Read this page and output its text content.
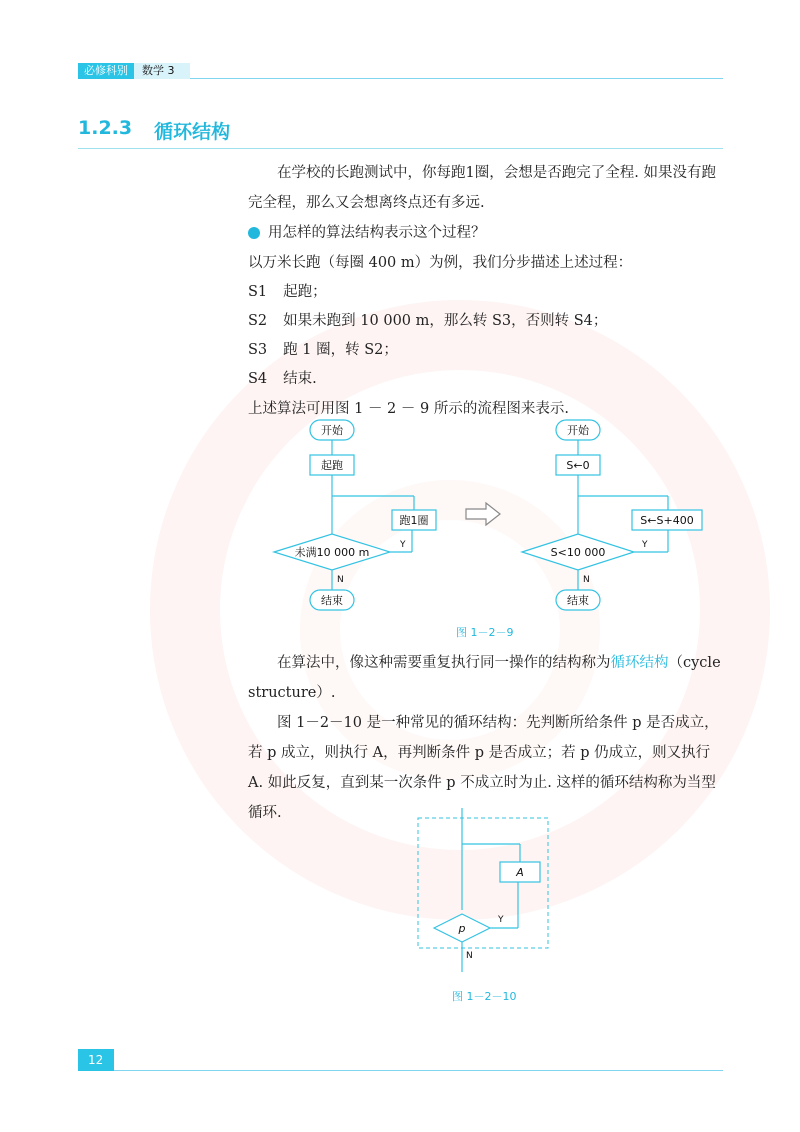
必修科别	数学 3
1.2.3 循环结构

在学校的长跑测试中，你每跑1圈，会想是否跑完了全程. 如果没有跑完全程，那么又会想离终点还有多远.

用怎样的算法结构表示这个过程？

以万米长跑（每圈 400 m）为例，我们分步描述上述过程：

S1 起跑；
S2 如果未跑到 10 000 m，那么转 S3，否则转 S4；
S3 跑 1 圈，转 S2；
S4 结束.

上述算法可用图 1 － 2 － 9 所示的流程图来表示.

开始
起跑
跑1圈
未满10 000 m
Y
N
结束
开始
S←0
S←S+400
S<10 000
Y
N
结束
图 1－2－9

在算法中，像这种需要重复执行同一操作的结构称为循环结构（cycle structure）.

图 1－2－10 是一种常见的循环结构：先判断所给条件 p 是否成立，若 p 成立，则执行 A，再判断条件 p 是否成立；若 p 仍成立，则又执行 A. 如此反复，直到某一次条件 p 不成立时为止. 这样的循环结构称为当型循环.

A
p
Y
N
图 1－2－10
12
